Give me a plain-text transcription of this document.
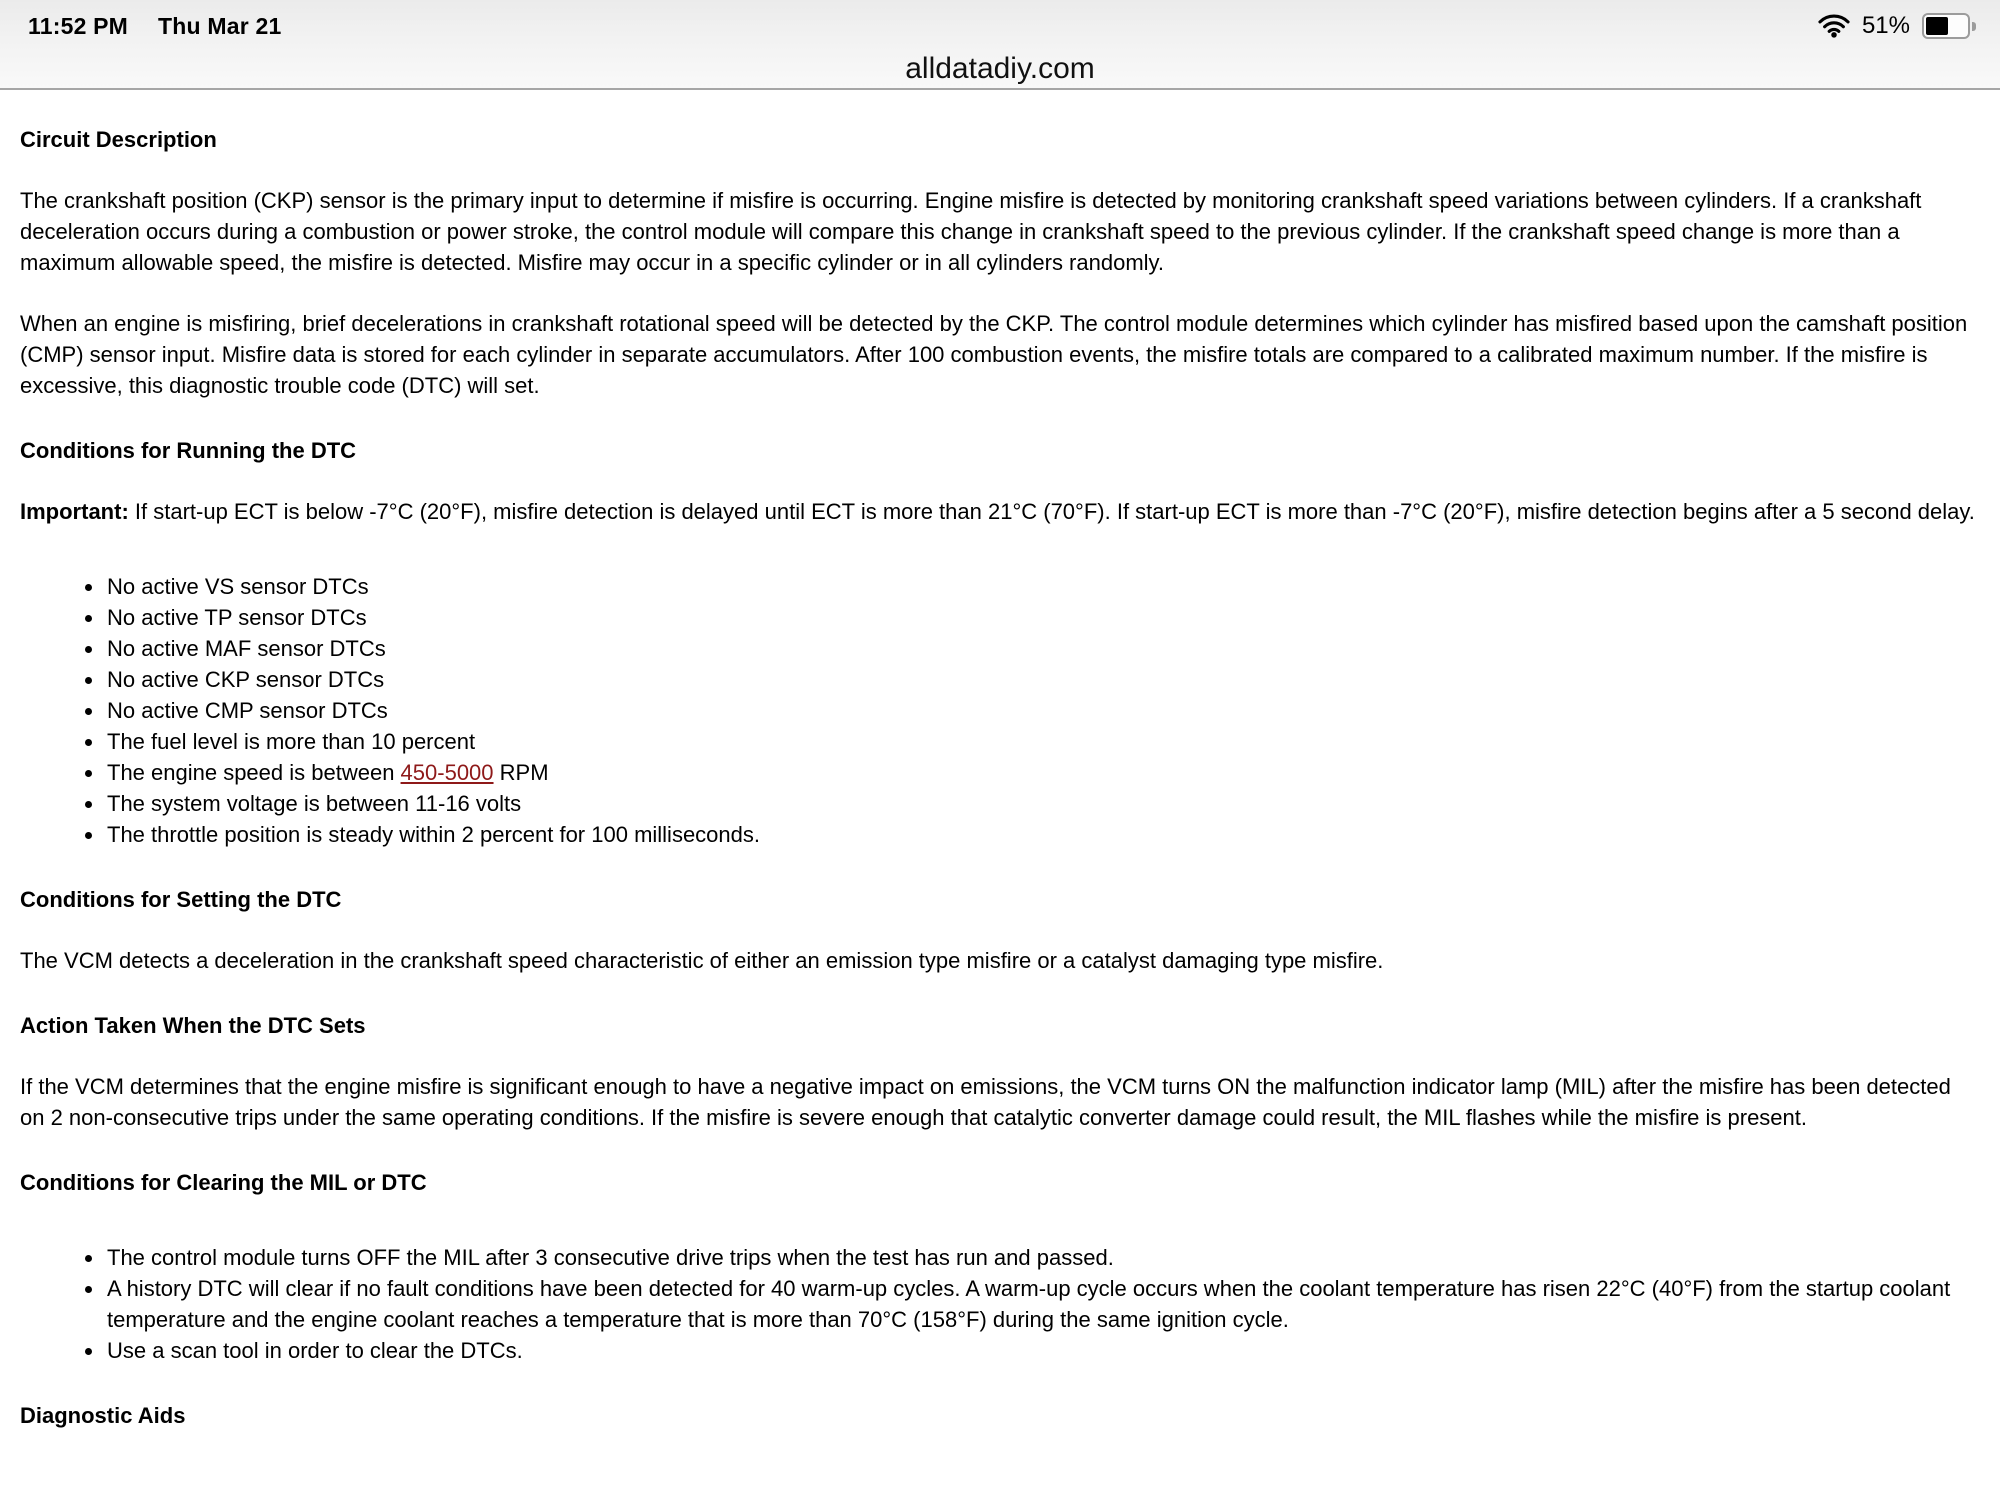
11:52 PM Thu Mar 21	51%
alldatadiy.com
Circuit Description

The crankshaft position (CKP) sensor is the primary input to determine if misfire is occurring. Engine misfire is detected by monitoring crankshaft speed variations between cylinders. If a crankshaft deceleration occurs during a combustion or power stroke, the control module will compare this change in crankshaft speed to the previous cylinder. If the crankshaft speed change is more than a maximum allowable speed, the misfire is detected. Misfire may occur in a specific cylinder or in all cylinders randomly.

When an engine is misfiring, brief decelerations in crankshaft rotational speed will be detected by the CKP. The control module determines which cylinder has misfired based upon the camshaft position (CMP) sensor input. Misfire data is stored for each cylinder in separate accumulators. After 100 combustion events, the misfire totals are compared to a calibrated maximum number. If the misfire is excessive, this diagnostic trouble code (DTC) will set.

Conditions for Running the DTC

Important: If start-up ECT is below -7°C (20°F), misfire detection is delayed until ECT is more than 21°C (70°F). If start-up ECT is more than -7°C (20°F), misfire detection begins after a 5 second delay.

• No active VS sensor DTCs
• No active TP sensor DTCs
• No active MAF sensor DTCs
• No active CKP sensor DTCs
• No active CMP sensor DTCs
• The fuel level is more than 10 percent
• The engine speed is between 450-5000 RPM
• The system voltage is between 11-16 volts
• The throttle position is steady within 2 percent for 100 milliseconds.
Conditions for Setting the DTC

The VCM detects a deceleration in the crankshaft speed characteristic of either an emission type misfire or a catalyst damaging type misfire.

Action Taken When the DTC Sets

If the VCM determines that the engine misfire is significant enough to have a negative impact on emissions, the VCM turns ON the malfunction indicator lamp (MIL) after the misfire has been detected on 2 non-consecutive trips under the same operating conditions. If the misfire is severe enough that catalytic converter damage could result, the MIL flashes while the misfire is present.

Conditions for Clearing the MIL or DTC
• The control module turns OFF the MIL after 3 consecutive drive trips when the test has run and passed.
• A history DTC will clear if no fault conditions have been detected for 40 warm-up cycles. A warm-up cycle occurs when the coolant temperature has risen 22°C (40°F) from the startup coolant temperature and the engine coolant reaches a temperature that is more than 70°C (158°F) during the same ignition cycle.
• Use a scan tool in order to clear the DTCs.
Diagnostic Aids
